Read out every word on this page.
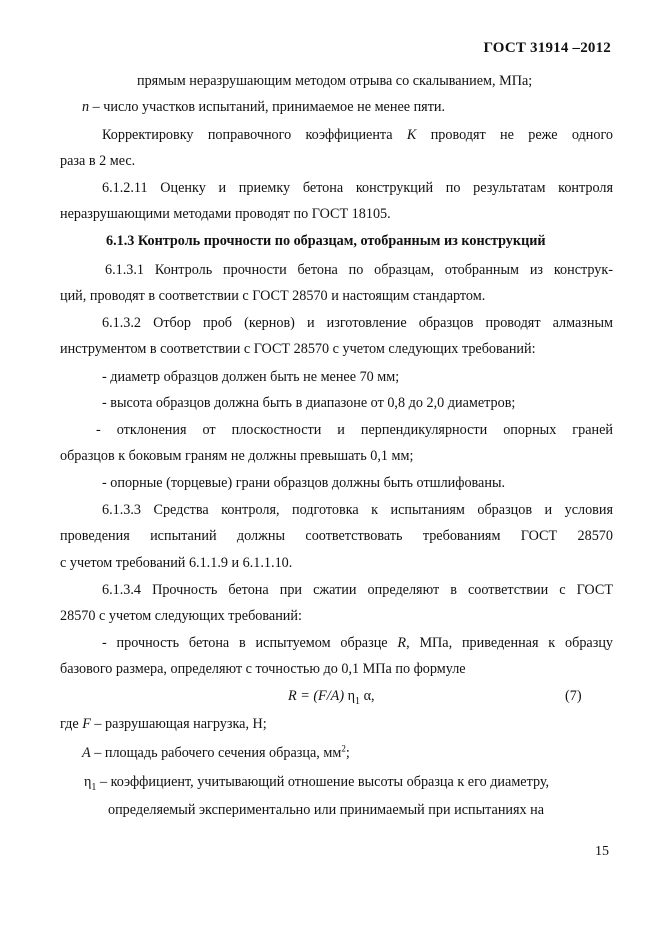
ГОСТ 31914 –2012
прямым неразрушающим методом отрыва со скалыванием, МПа;
n – число участков испытаний, принимаемое не менее пяти.
Корректировку поправочного коэффициента K проводят не реже одного
раза в 2 мес.
6.1.2.11 Оценку и приемку бетона конструкций по результатам контроля
неразрушающими методами проводят по ГОСТ 18105.
6.1.3 Контроль прочности по образцам, отобранным из конструкций
6.1.3.1 Контроль прочности бетона по образцам, отобранным из конструк-
ций, проводят в соответствии с ГОСТ 28570 и настоящим стандартом.
6.1.3.2 Отбор проб (кернов) и изготовление образцов проводят алмазным
инструментом в соответствии с ГОСТ 28570 с учетом следующих требований:
- диаметр образцов должен быть не менее 70 мм;
- высота образцов должна быть в диапазоне от 0,8 до 2,0 диаметров;
- отклонения от плоскостности и перпендикулярности опорных граней
образцов к боковым граням не должны превышать 0,1 мм;
- опорные (торцевые) грани образцов должны быть отшлифованы.
6.1.3.3 Средства контроля, подготовка к испытаниям образцов и условия
проведения испытаний должны соответствовать требованиям ГОСТ 28570
с учетом требований 6.1.1.9 и 6.1.1.10.
6.1.3.4 Прочность бетона при сжатии определяют в соответствии с ГОСТ
28570 с учетом следующих требований:
- прочность бетона в испытуемом образце R, МПа, приведенная к образцу
базового размера, определяют с точностью до 0,1 МПа по формуле
R = (F/A) $\eta_1$ α,	(7)
где F – разрушающая нагрузка, Н;
A – площадь рабочего сечения образца, $мм^2$;
$\eta_1$ – коэффициент, учитывающий отношение высоты образца к его диаметру,
определяемый экспериментально или принимаемый при испытаниях на
15
